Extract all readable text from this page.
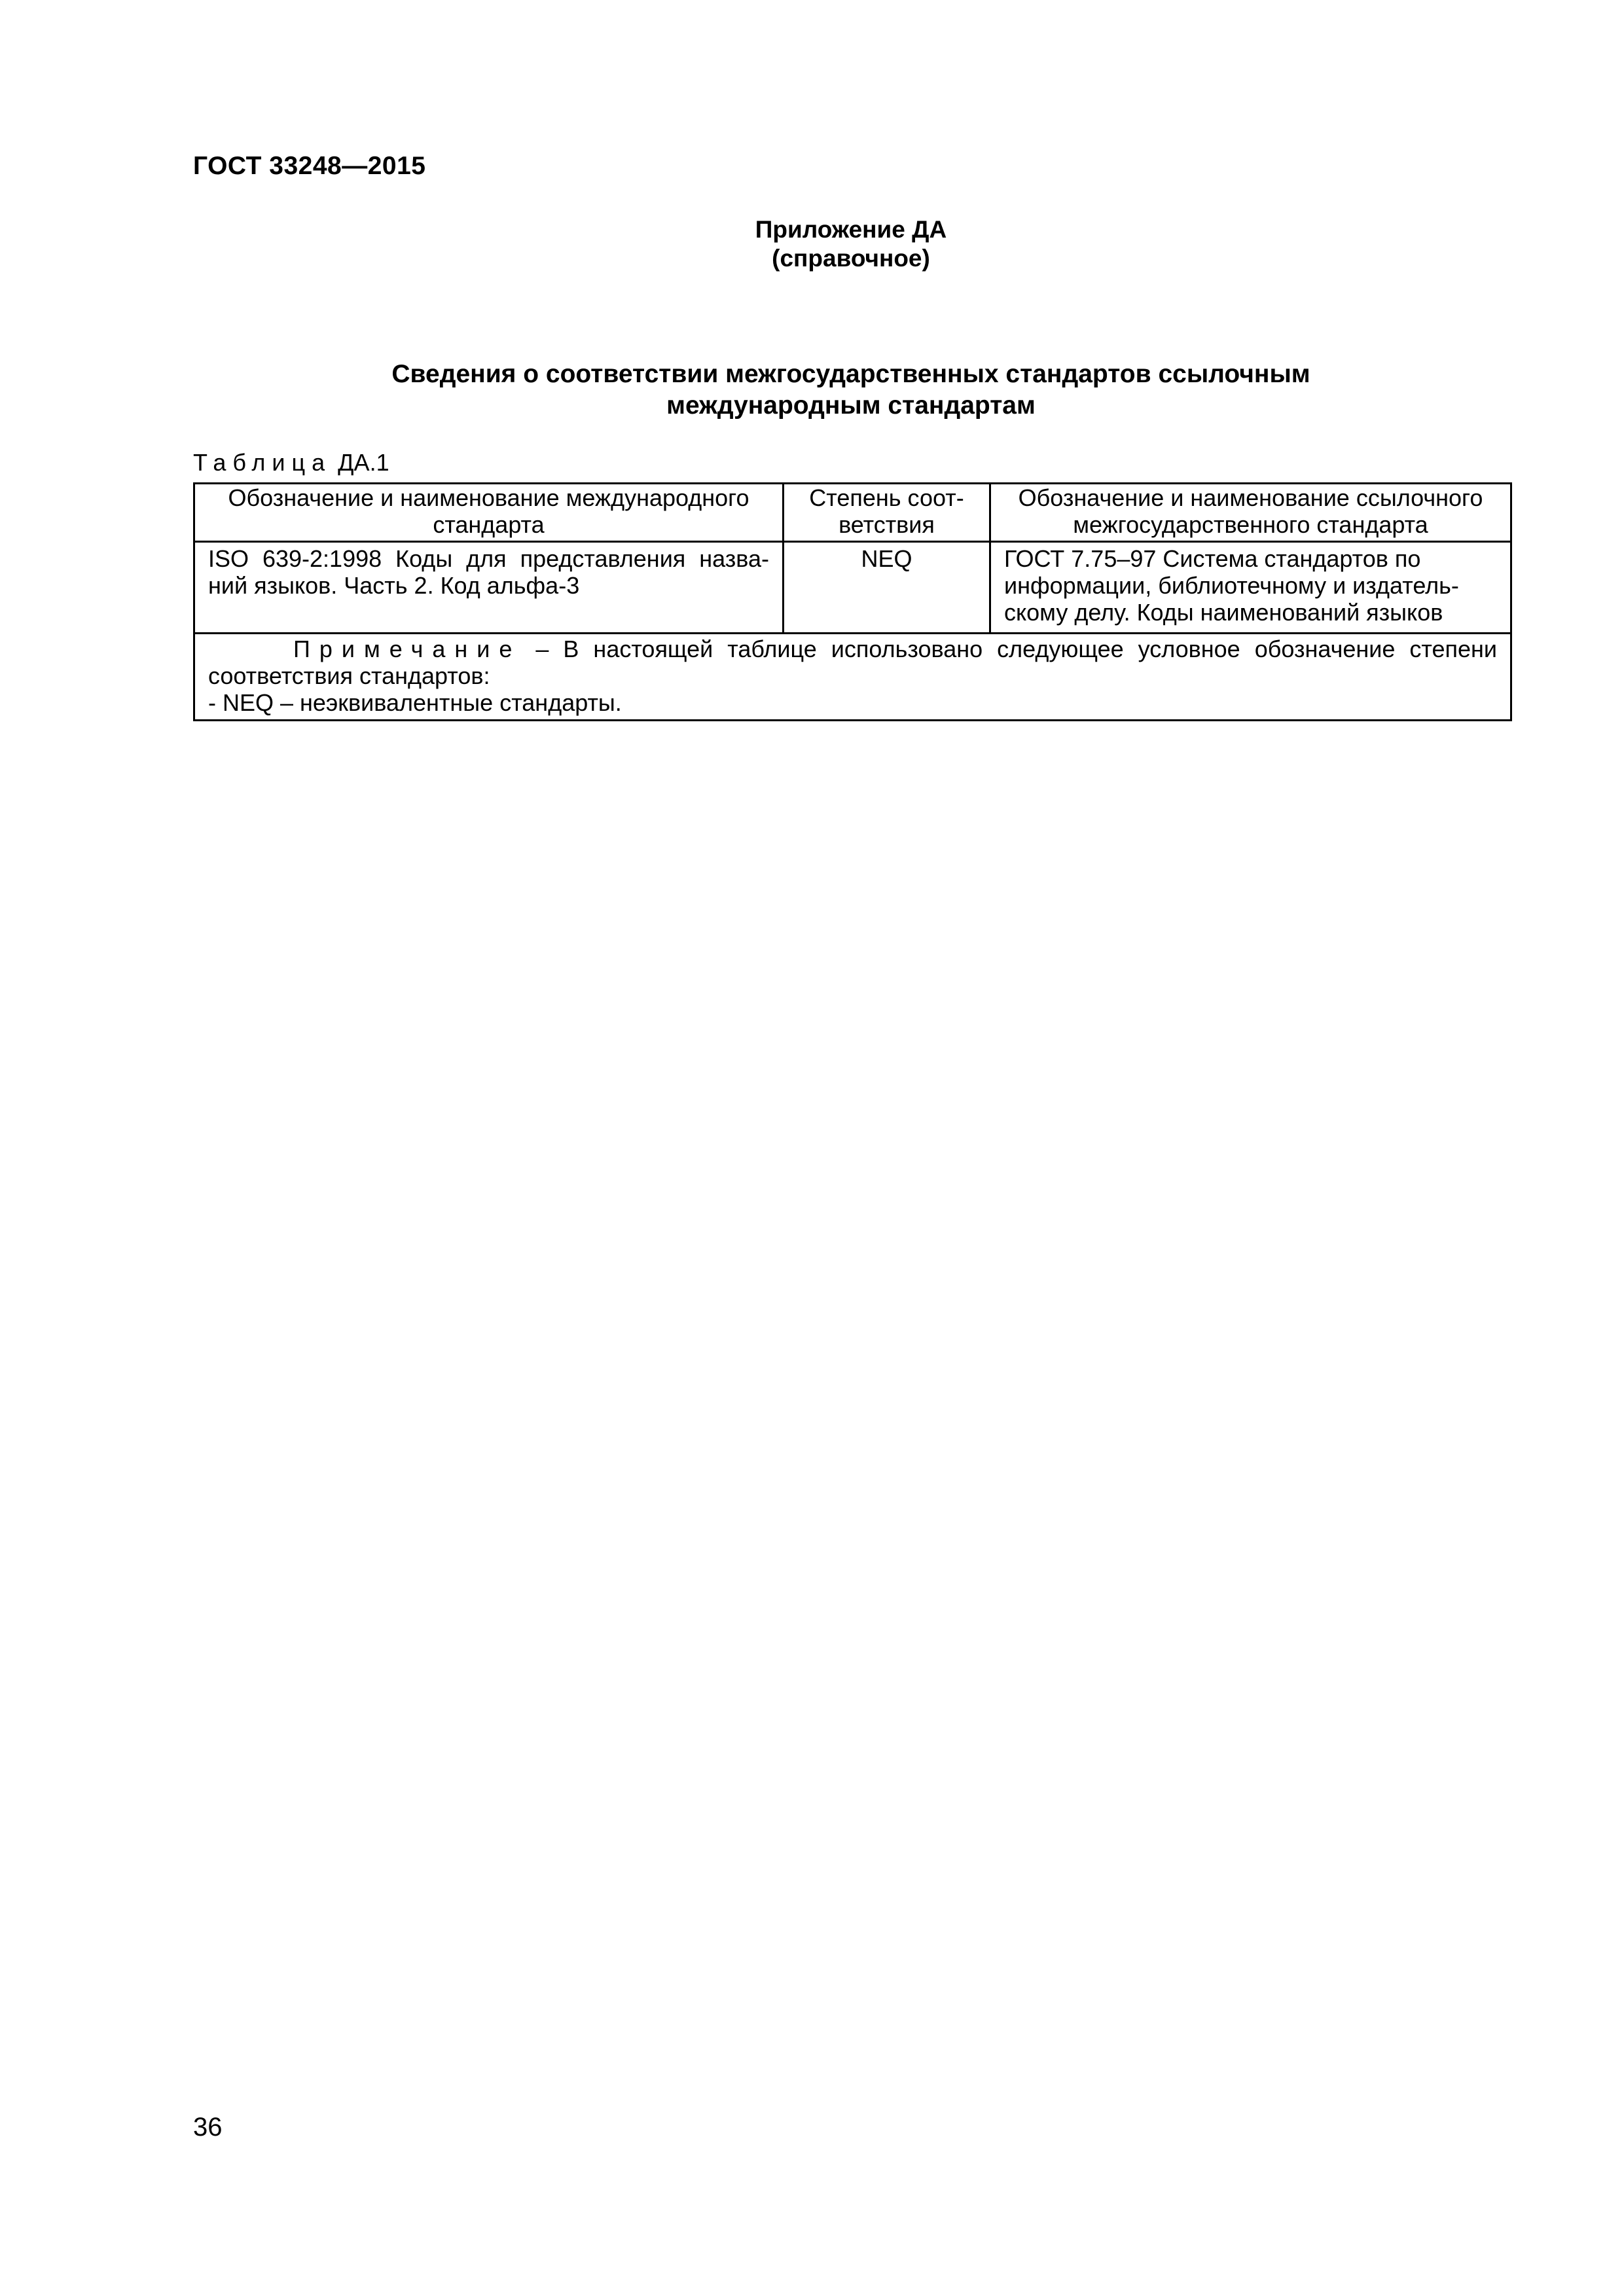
ГОСТ 33248—2015
Приложение ДА
(справочное)
Сведения о соответствии межгосударственных стандартов ссылочным
международным стандартам
Таблица ДА.1
Обозначение и наименование международного стандарта	Степень соот-ветствия	Обозначение и наименование ссылочного межгосударственного стандарта
ISO 639-2:1998 Коды для представления назва-ний языков. Часть 2. Код альфа-3	NEQ	ГОСТ 7.75–97 Система стандартов по информации, библиотечному и издатель-скому делу. Коды наименований языков
Примечание – В настоящей таблице использовано следующее условное обозначение степени соответствия стандартов:
- NEQ – неэквивалентные стандарты.		
36
